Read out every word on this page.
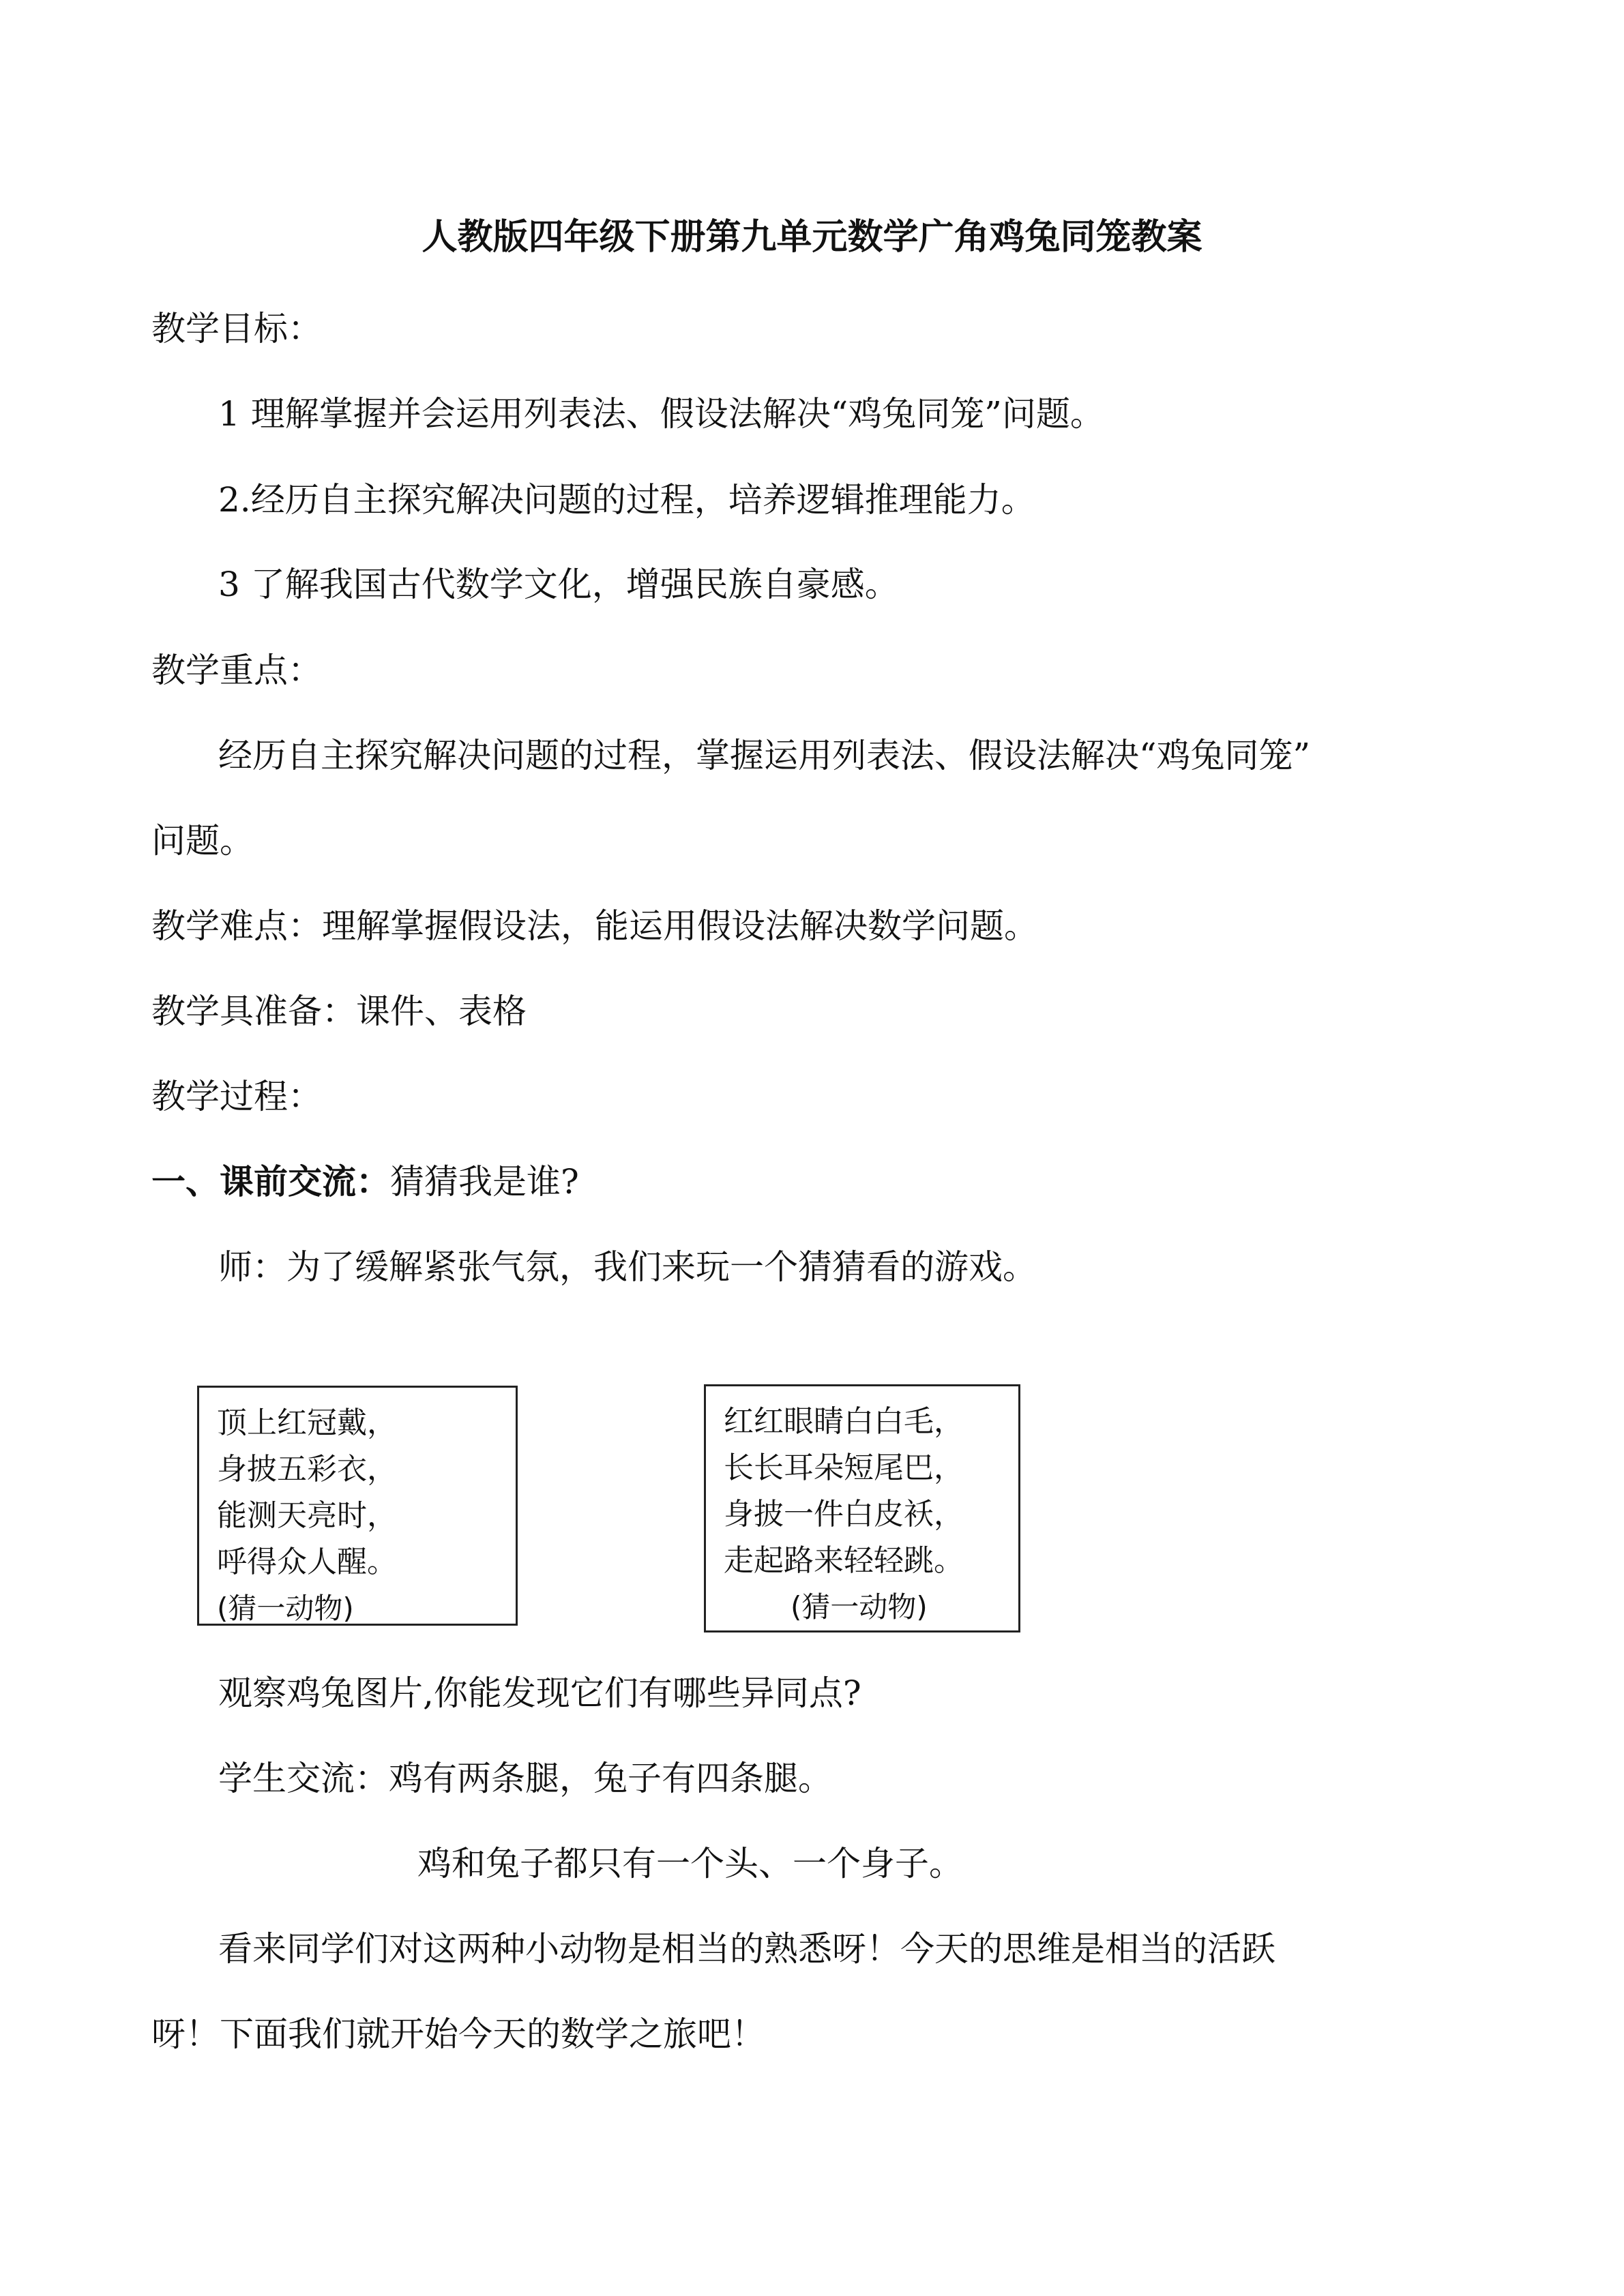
人教版四年级下册第九单元数学广角鸡兔同笼教案
教学目标：
1 理解掌握并会运用列表法、假设法解决“鸡兔同笼”问题。
2.经历自主探究解决问题的过程，培养逻辑推理能力。
3 了解我国古代数学文化，增强民族自豪感。
教学重点：
经历自主探究解决问题的过程，掌握运用列表法、假设法解决“鸡兔同笼”
问题。
教学难点：理解掌握假设法，能运用假设法解决数学问题。
教学具准备：课件、表格
教学过程：
一、课前交流：猜猜我是谁?
师：为了缓解紧张气氛，我们来玩一个猜猜看的游戏。
顶上红冠戴，
身披五彩衣，
能测天亮时，
呼得众人醒。
(猜一动物)
红红眼睛白白毛，
长长耳朵短尾巴，
身披一件白皮袄，
走起路来轻轻跳。
(猜一动物)
观察鸡兔图片,你能发现它们有哪些异同点?
学生交流：鸡有两条腿，兔子有四条腿。
鸡和兔子都只有一个头、一个身子。
看来同学们对这两种小动物是相当的熟悉呀！今天的思维是相当的活跃
呀！下面我们就开始今天的数学之旅吧！
